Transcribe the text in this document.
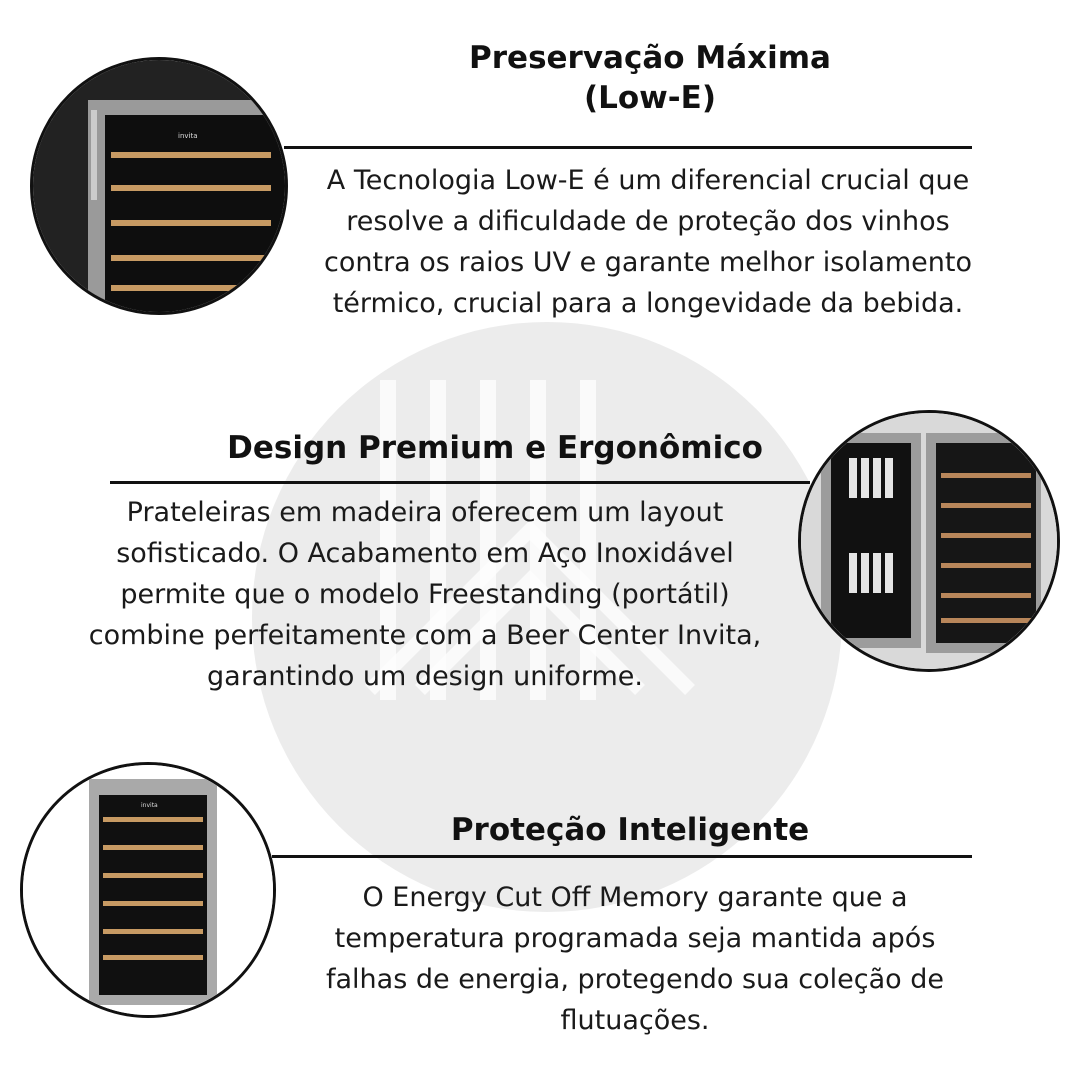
invita
Preservação Máxima
(Low-E)
A Tecnologia Low-E é um diferencial crucial que resolve a dificuldade de proteção dos vinhos contra os raios UV e garante melhor isolamento térmico, crucial para a longevidade da bebida.
Design Premium e Ergonômico
Prateleiras em madeira oferecem um layout sofisticado. O Acabamento em Aço Inoxidável permite que o modelo Freestanding (portátil) combine perfeitamente com a Beer Center Invita, garantindo um design uniforme.
invita
Proteção Inteligente
O Energy Cut Off Memory garante que a temperatura programada seja mantida após falhas de energia, protegendo sua coleção de flutuações.
